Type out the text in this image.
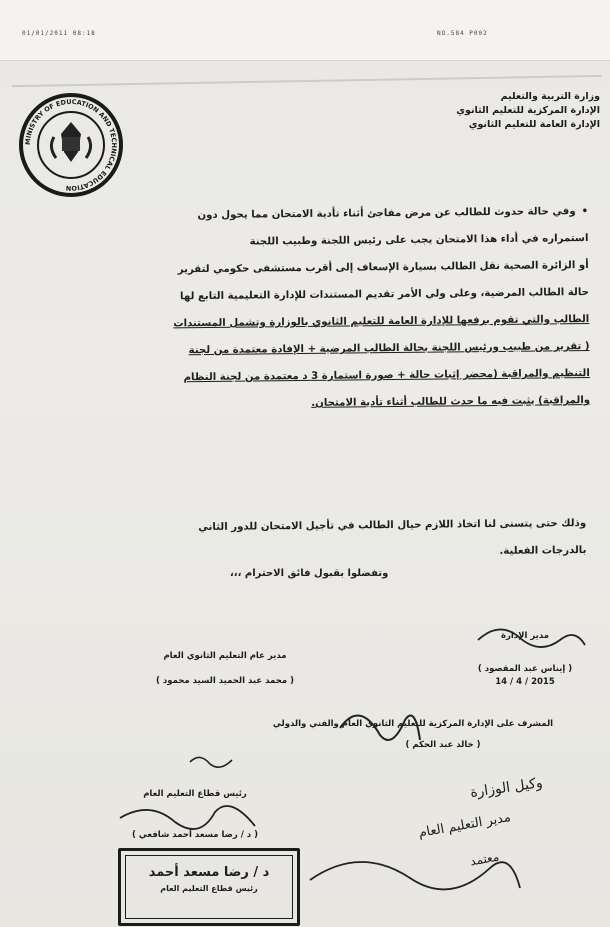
01/01/2011 08:18	NO.584 P002
MINISTRY OF EDUCATION AND TECHNICAL EDUCATION
وزارة التربية والتعليم
الإدارة المركزية للتعليم الثانوي
الإدارة العامة للتعليم الثانوي

• وفي حالة حدوث للطالب عن مرض مفاجئ أثناء تأدية الامتحان مما يحول دون

استمراره في أداء هذا الامتحان يجب على رئيس اللجنة وطبيب اللجنة

أو الزائرة الصحية نقل الطالب بسيارة الإسعاف إلى أقرب مستشفى حكومي لتقرير

حالة الطالب المرضية، وعلى ولي الأمر تقديم المستندات للإدارة التعليمية التابع لها

الطالب والتي تقوم برفعها للإدارة العامة للتعليم الثانوي بالوزارة وتشمل المستندات

( تقرير من طبيب ورئيس اللجنة بحالة الطالب المرضية + الإفادة معتمدة من لجنة

التنظيم والمراقبة (محضر إثبات حالة + صورة استمارة 3 د معتمدة من لجنة النظام

والمراقبة) يثبت فيه ما حدث للطالب أثناء تأدية الامتحان.

وذلك حتى يتسنى لنا اتخاذ اللازم حيال الطالب في تأجيل الامتحان للدور الثاني

بالدرجات الفعلية.

وتفضلوا بقبول فائق الاحترام ،،،
مدير الإدارة
( إيناس عبد المقصود )
2015 / 4 / 14
مدير عام التعليم الثانوي العام
( محمد عبد الحميد السيد محمود )
المشرف على الإدارة المركزية للتعليم الثانوي العام والفني والدولي
( خالد عبد الحكم )
رئيس قطاع التعليم العام
( د / رضا مسعد أحمد شافعي )
وكيل الوزارة
مدير التعليم العام
معتمد
د / رضا مسعد أحمد
رئيس قطاع التعليم العام
